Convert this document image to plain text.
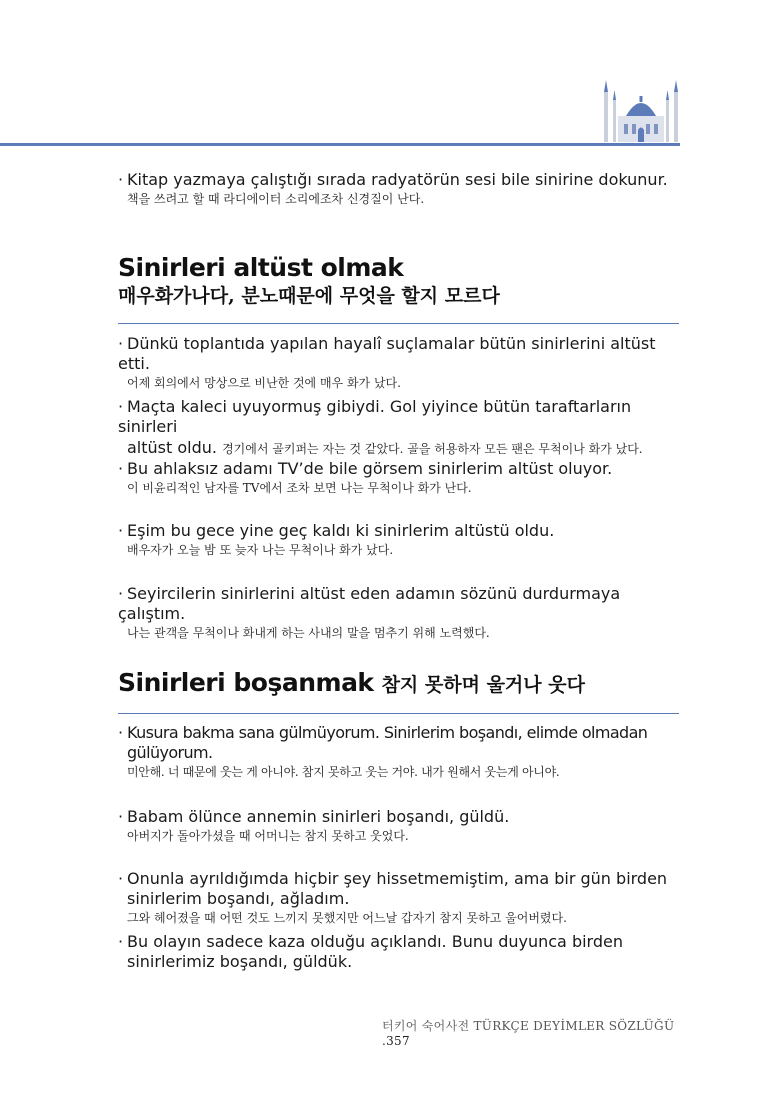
· Kitap yazmaya çalıştığı sırada radyatörün sesi bile sinirine dokunur.

책을 쓰려고 할 때 라디에이터 소리에조차 신경질이 난다.

Sinirleri altüst olmak
매우화가나다, 분노때문에 무엇을 할지 모르다

· Dünkü toplantıda yapılan hayalî suçlamalar bütün sinirlerini altüst etti.

어제 회의에서 망상으로 비난한 것에 매우 화가 났다.

· Maçta kaleci uyuyormuş gibiydi. Gol yiyince bütün taraftarların sinirleri

altüst oldu. 경기에서 골키퍼는 자는 것 같았다. 골을 허용하자 모든 팬은 무척이나 화가 났다.

· Bu ahlaksız adamı TV’de bile görsem sinirlerim altüst oluyor.

이 비윤리적인 남자를 TV에서 조차 보면 나는 무척이나 화가 난다.

· Eşim bu gece yine geç kaldı ki sinirlerim altüstü oldu.

배우자가 오늘 밤 또 늦자 나는 무척이나 화가 났다.

· Seyircilerin sinirlerini altüst eden adamın sözünü durdurmaya çalıştım.

나는 관객을 무척이나 화내게 하는 사내의 말을 멈추기 위해 노력했다.

Sinirleri boşanmak 참지 못하며 울거나 웃다

· Kusura bakma sana gülmüyorum. Sinirlerim boşandı, elimde olmadan

gülüyorum.

미안해. 너 때문에 웃는 게 아니야. 참지 못하고 웃는 거야. 내가 원해서 웃는게 아니야.

· Babam ölünce annemin sinirleri boşandı, güldü.

아버지가 돌아가셨을 때 어머니는 참지 못하고 웃었다.

· Onunla ayrıldığımda hiçbir şey hissetmemiştim, ama bir gün birden

sinirlerim boşandı, ağladım.

그와 헤어졌을 때 어떤 것도 느끼지 못했지만 어느날 갑자기 참지 못하고 울어버렸다.

· Bu olayın sadece kaza olduğu açıklandı. Bunu duyunca birden

sinirlerimiz boşandı, güldük.

터키어 숙어사전 TÜRKÇE DEYİMLER SÖZLÜĞÜ .357
